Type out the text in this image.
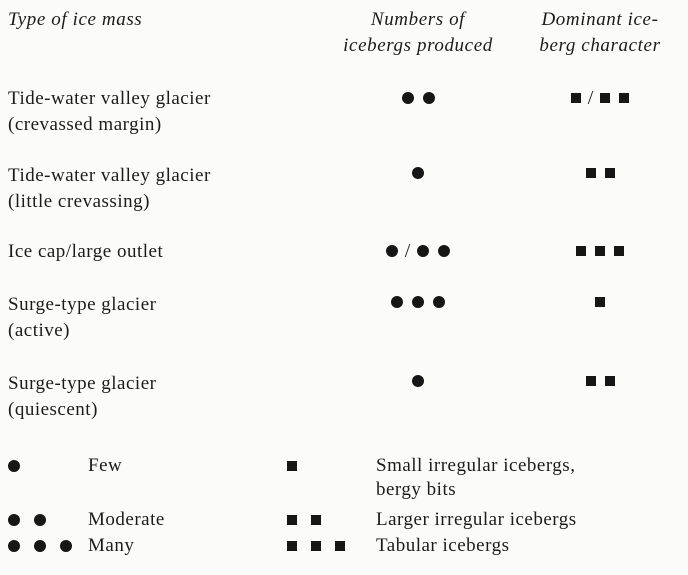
Type of ice mass	Numbers of
icebergs produced
Dominant ice-
berg character
Tide-water valley glacier
(crevassed margin)
/
Tide-water valley glacier
(little crevassing)
Ice cap/large outlet	/
Surge-type glacier
(active)
Surge-type glacier
(quiescent)
Few
Moderate
Many
Small irregular icebergs,
bergy bits
Larger irregular icebergs
Tabular icebergs
